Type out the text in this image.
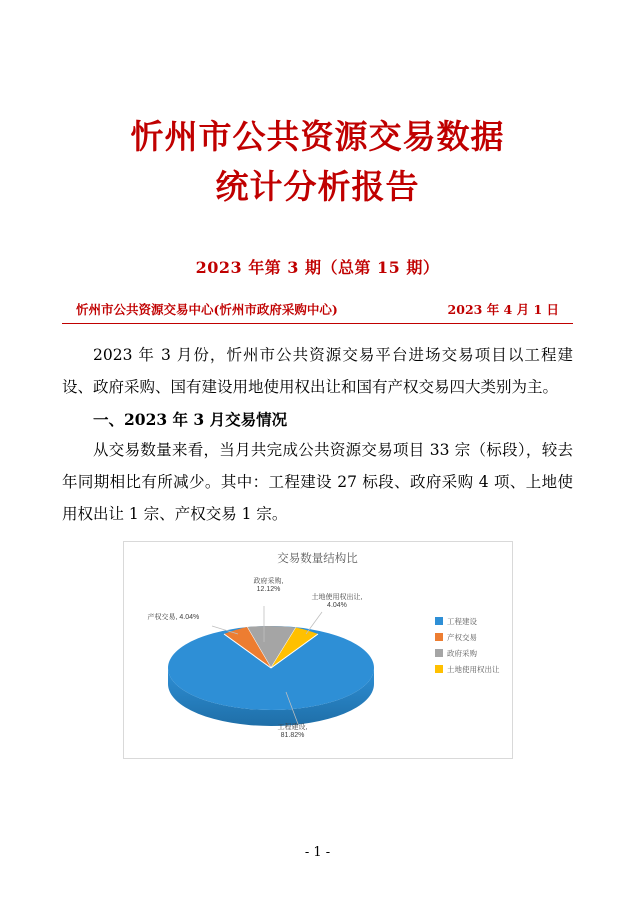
忻州市公共资源交易数据
统计分析报告
2023 年第 3 期（总第 15 期）
忻州市公共资源交易中心(忻州市政府采购中心)	2023 年 4 月 1 日

2023 年 3 月份，忻州市公共资源交易平台进场交易项目以工程建设、政府采购、国有建设用地使用权出让和国有产权交易四大类别为主。

一、2023 年 3 月交易情况

从交易数量来看，当月共完成公共资源交易项目 33 宗（标段），较去年同期相比有所减少。其中：工程建设 27 标段、政府采购 4 项、上地使用权出让 1 宗、产权交易 1 宗。

交易数量结构比
政府采购,
12.12%
土地使用权出让,
4.04%
产权交易, 4.04%
工程建设,
81.82%
工程建设
产权交易
政府采购
土地使用权出让
- 1 -
